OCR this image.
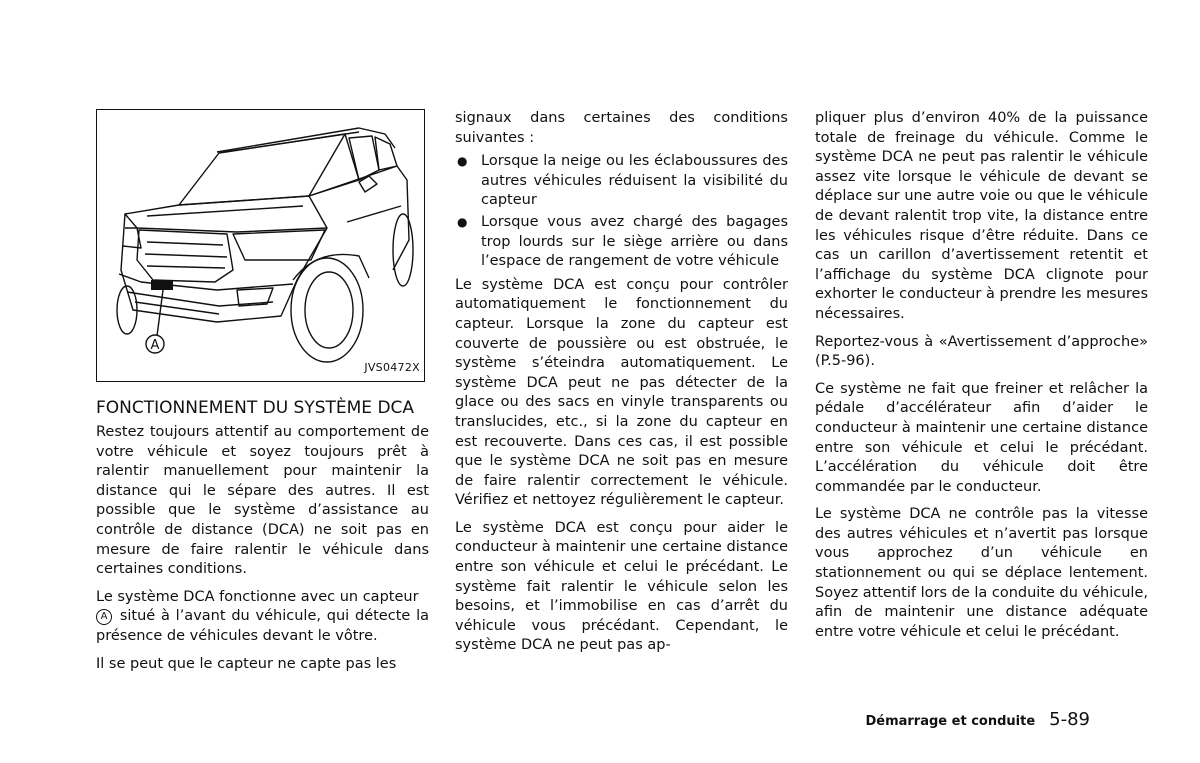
A
JVS0472X
FONCTIONNEMENT DU SYSTÈME DCA

Restez toujours attentif au comportement de votre véhicule et soyez toujours prêt à ralentir manuellement pour maintenir la distance qui le sépare des autres. Il est possible que le système d’assistance au contrôle de distance (DCA) ne soit pas en mesure de faire ralentir le véhicule dans certaines conditions.

Le système DCA fonctionne avec un capteur
A situé à l’avant du véhicule, qui détecte la présence de véhicules devant le vôtre.

Il se peut que le capteur ne capte pas les

signaux dans certaines des conditions suivantes :

● Lorsque la neige ou les éclaboussures des autres véhicules réduisent la visibilité du capteur
● Lorsque vous avez chargé des bagages trop lourds sur le siège arrière ou dans l’espace de rangement de votre véhicule

Le système DCA est conçu pour contrôler automatiquement le fonctionnement du capteur. Lorsque la zone du capteur est couverte de poussière ou est obstruée, le système s’éteindra automatiquement. Le système DCA peut ne pas détecter de la glace ou des sacs en vinyle transparents ou translucides, etc., si la zone du capteur en est recouverte. Dans ces cas, il est possible que le système DCA ne soit pas en mesure de faire ralentir correctement le véhicule. Vérifiez et nettoyez régulièrement le capteur.

Le système DCA est conçu pour aider le conducteur à maintenir une certaine distance entre son véhicule et celui le précédant. Le système fait ralentir le véhicule selon les besoins, et l’immobilise en cas d’arrêt du véhicule vous précédant. Cependant, le système DCA ne peut pas ap-

pliquer plus d’environ 40% de la puissance totale de freinage du véhicule. Comme le système DCA ne peut pas ralentir le véhicule assez vite lorsque le véhicule de devant se déplace sur une autre voie ou que le véhicule de devant ralentit trop vite, la distance entre les véhicules risque d’être réduite. Dans ce cas un carillon d’avertissement retentit et l’affichage du système DCA clignote pour exhorter le conducteur à prendre les mesures nécessaires.

Reportez-vous à «Avertissement d’approche» (P.5-96).

Ce système ne fait que freiner et relâcher la pédale d’accélérateur afin d’aider le conducteur à maintenir une certaine distance entre son véhicule et celui le précédant. L’accélération du véhicule doit être commandée par le conducteur.

Le système DCA ne contrôle pas la vitesse des autres véhicules et n’avertit pas lorsque vous approchez d’un véhicule en stationnement ou qui se déplace lentement. Soyez attentif lors de la conduite du véhicule, afin de maintenir une distance adéquate entre votre véhicule et celui le précédant.

Démarrage et conduite 5-89
